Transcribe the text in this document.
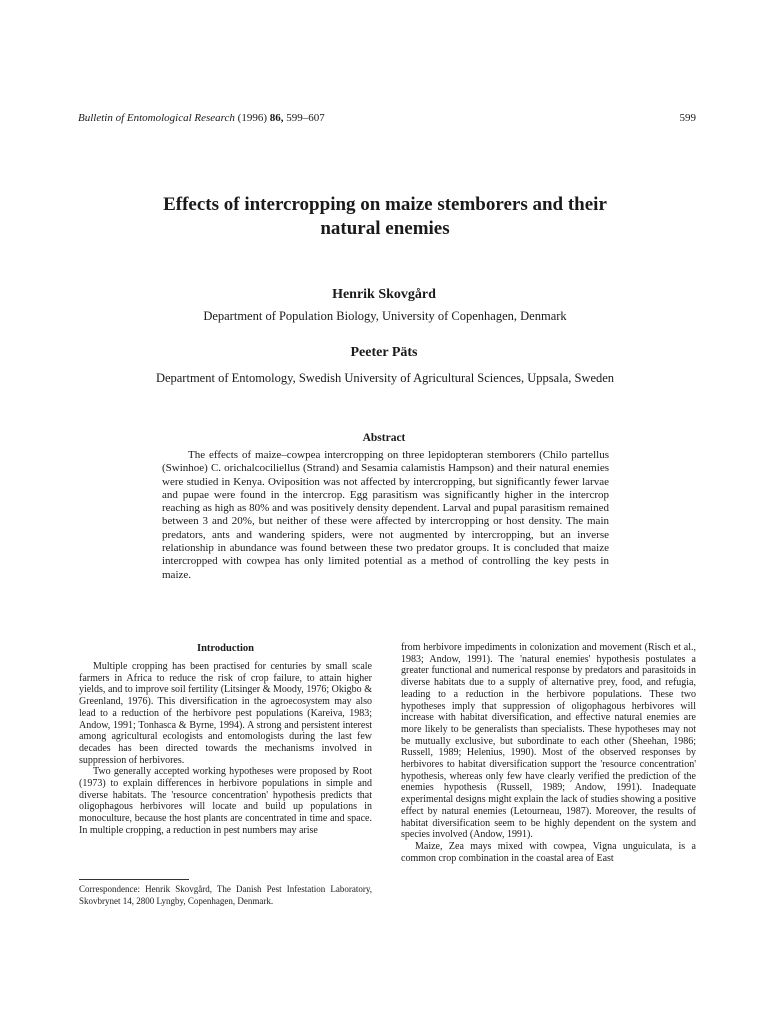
Bulletin of Entomological Research (1996) 86, 599–607	599
Effects of intercropping on maize stemborers and their natural enemies

Henrik Skovgård

Department of Population Biology, University of Copenhagen, Denmark

Peeter Päts

Department of Entomology, Swedish University of Agricultural Sciences, Uppsala, Sweden

Abstract

The effects of maize–cowpea intercropping on three lepidopteran stemborers (Chilo partellus (Swinhoe) C. orichalcociliellus (Strand) and Sesamia calamistis Hampson) and their natural enemies were studied in Kenya. Oviposition was not affected by intercropping, but significantly fewer larvae and pupae were found in the intercrop. Egg parasitism was significantly higher in the intercrop reaching as high as 80% and was positively density dependent. Larval and pupal parasitism remained between 3 and 20%, but neither of these were affected by intercropping or host density. The main predators, ants and wandering spiders, were not augmented by intercropping, but an inverse relationship in abundance was found between these two predator groups. It is concluded that maize intercropped with cowpea has only limited potential as a method of controlling the key pests in maize.

Introduction

Multiple cropping has been practised for centuries by small scale farmers in Africa to reduce the risk of crop failure, to attain higher yields, and to improve soil fertility (Litsinger & Moody, 1976; Okigbo & Greenland, 1976). This diversification in the agroecosystem may also lead to a reduction of the herbivore pest populations (Kareiva, 1983; Andow, 1991; Tonhasca & Byrne, 1994). A strong and persistent interest among agricultural ecologists and entomologists during the last few decades has been directed towards the mechanisms involved in suppression of herbivores.

Two generally accepted working hypotheses were proposed by Root (1973) to explain differences in herbivore populations in simple and diverse habitats. The 'resource concentration' hypothesis predicts that oligophagous herbivores will locate and build up populations in monoculture, because the host plants are concentrated in time and space. In multiple cropping, a reduction in pest numbers may arise

from herbivore impediments in colonization and movement (Risch et al., 1983; Andow, 1991). The 'natural enemies' hypothesis postulates a greater functional and numerical response by predators and parasitoids in diverse habitats due to a supply of alternative prey, food, and refugia, leading to a reduction in the herbivore populations. These two hypotheses imply that suppression of oligophagous herbivores will increase with habitat diversification, and effective natural enemies are more likely to be generalists than specialists. These hypotheses may not be mutually exclusive, but subordinate to each other (Sheehan, 1986; Russell, 1989; Helenius, 1990). Most of the observed responses by herbivores to habitat diversification support the 'resource concentration' hypothesis, whereas only few have clearly verified the prediction of the enemies hypothesis (Russell, 1989; Andow, 1991). Inadequate experimental designs might explain the lack of studies showing a positive effect by natural enemies (Letourneau, 1987). Moreover, the results of habitat diversification seem to be highly dependent on the system and species involved (Andow, 1991).

Maize, Zea mays mixed with cowpea, Vigna unguiculata, is a common crop combination in the coastal area of East

Correspondence: Henrik Skovgård, The Danish Pest Infestation Laboratory, Skovbrynet 14, 2800 Lyngby, Copenhagen, Denmark.
